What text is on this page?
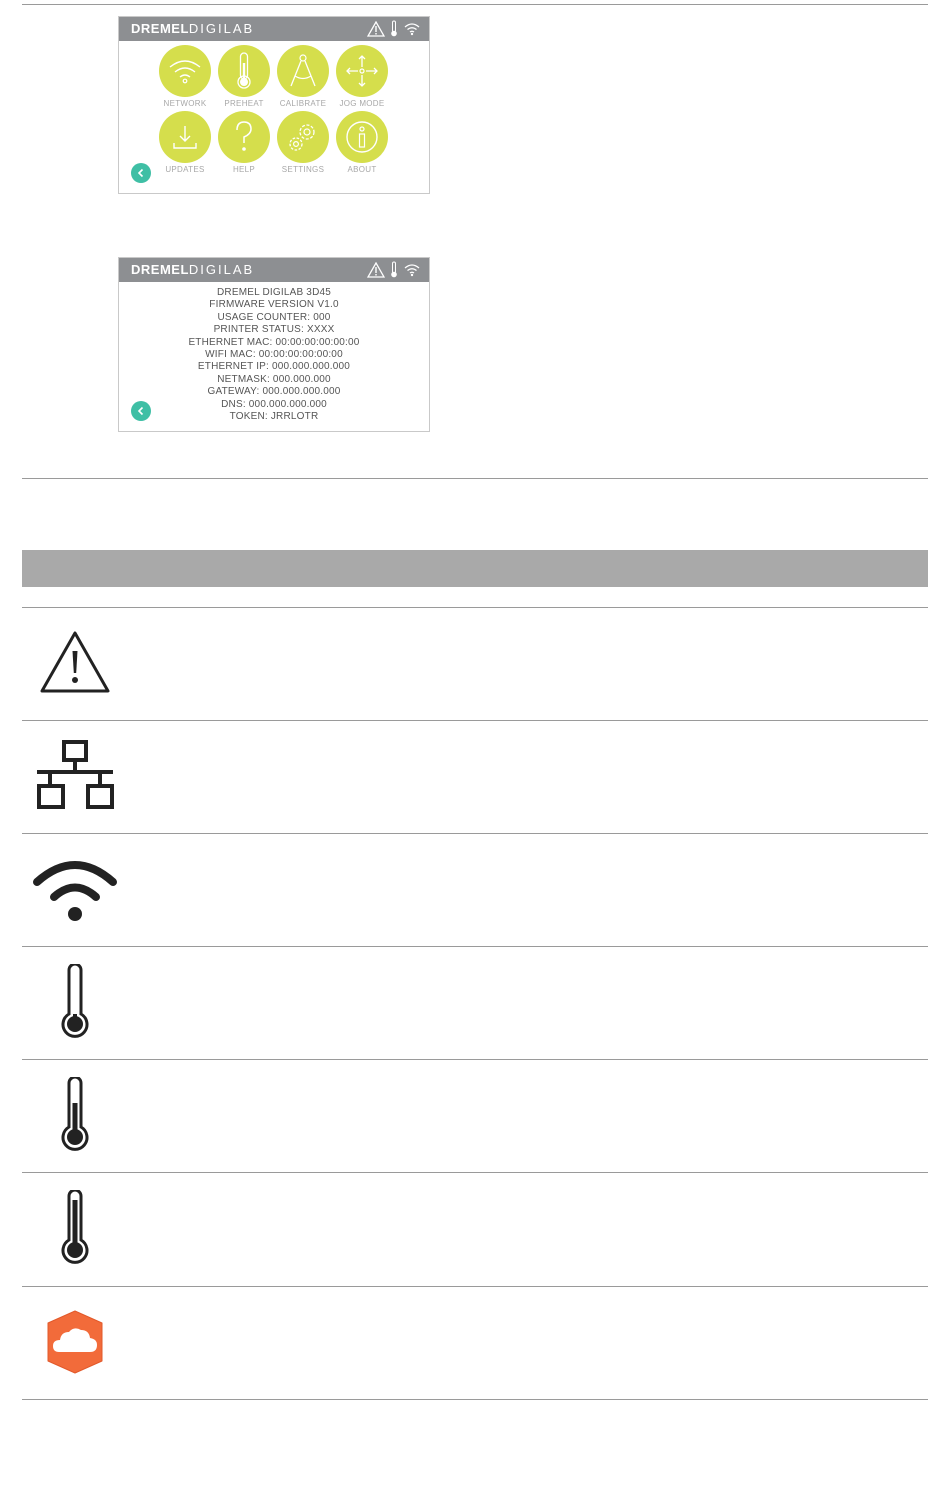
DREMELDIGILAB
NETWORK PREHEAT CALIBRATE JOG MODE
UPDATES	HELP	SETTINGS	ABOUT
DREMELDIGILAB
DREMEL DIGILAB 3D45
FIRMWARE VERSION V1.0
USAGE COUNTER: 000
PRINTER STATUS: XXXX
ETHERNET MAC: 00:00:00:00:00:00
WIFI MAC: 00:00:00:00:00:00
ETHERNET IP: 000.000.000.000
NETMASK: 000.000.000
GATEWAY: 000.000.000.000
DNS: 000.000.000.000
TOKEN: JRRLOTR
